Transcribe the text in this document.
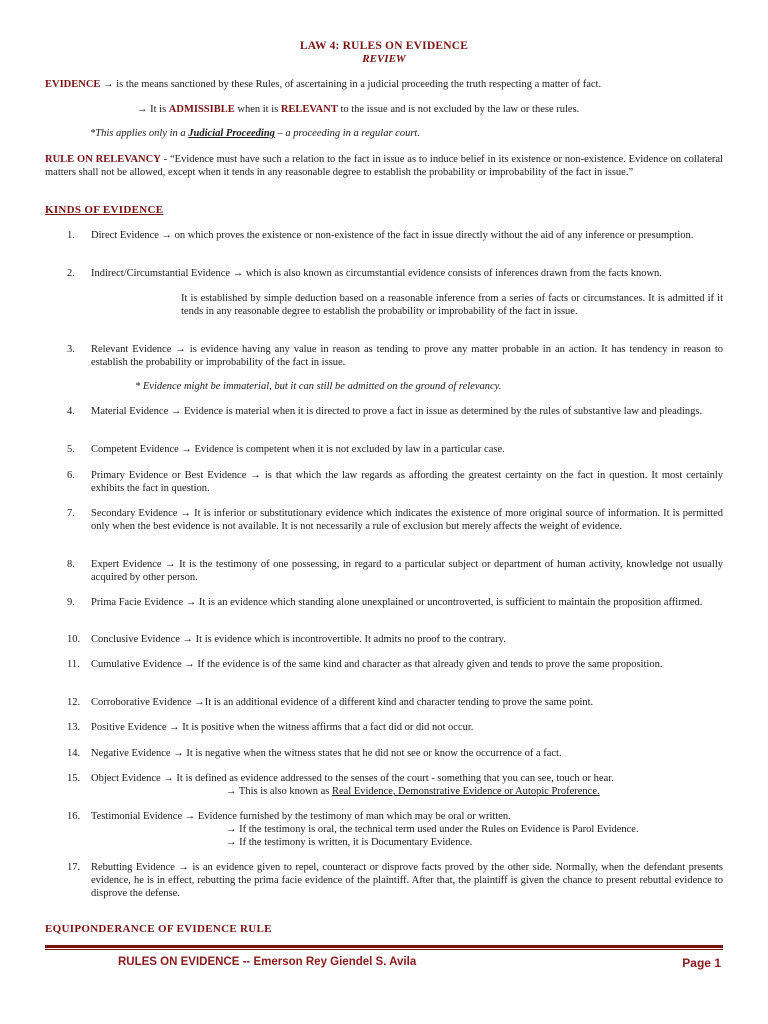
LAW 4: RULES ON EVIDENCE
REVIEW
EVIDENCE → is the means sanctioned by these Rules, of ascertaining in a judicial proceeding the truth respecting a matter of fact.
→ It is ADMISSIBLE when it is RELEVANT to the issue and is not excluded by the law or these rules.
*This applies only in a Judicial Proceeding – a proceeding in a regular court.
RULE ON RELEVANCY - “Evidence must have such a relation to the fact in issue as to induce belief in its existence or non-existence. Evidence on collateral matters shall not be allowed, except when it tends in any reasonable degree to establish the probability or improbability of the fact in issue.”
KINDS OF EVIDENCE
1.	Direct Evidence → on which proves the existence or non-existence of the fact in issue directly without the aid of any inference or presumption.
2.	Indirect/Circumstantial Evidence → which is also known as circumstantial evidence consists of inferences drawn from the facts known.
It is established by simple deduction based on a reasonable inference from a series of facts or circumstances. It is admitted if it tends in any reasonable degree to establish the probability or improbability of the fact in issue.
3.	Relevant Evidence → is evidence having any value in reason as tending to prove any matter probable in an action. It has tendency in reason to establish the probability or improbability of the fact in issue.
* Evidence might be immaterial, but it can still be admitted on the ground of relevancy.
4.	Material Evidence → Evidence is material when it is directed to prove a fact in issue as determined by the rules of substantive law and pleadings.
5.	Competent Evidence → Evidence is competent when it is not excluded by law in a particular case.
6.	Primary Evidence or Best Evidence → is that which the law regards as affording the greatest certainty on the fact in question. It most certainly exhibits the fact in question.
7.	Secondary Evidence → It is inferior or substitutionary evidence which indicates the existence of more original source of information. It is permitted only when the best evidence is not available. It is not necessarily a rule of exclusion but merely affects the weight of evidence.
8.	Expert Evidence → It is the testimony of one possessing, in regard to a particular subject or department of human activity, knowledge not usually acquired by other person.
9.	Prima Facie Evidence → It is an evidence which standing alone unexplained or uncontroverted, is sufficient to maintain the proposition affirmed.
10.	Conclusive Evidence → It is evidence which is incontrovertible. It admits no proof to the contrary.
11.	Cumulative Evidence → If the evidence is of the same kind and character as that already given and tends to prove the same proposition.
12.	Corroborative Evidence →It is an additional evidence of a different kind and character tending to prove the same point.
13.	Positive Evidence → It is positive when the witness affirms that a fact did or did not occur.
14.	Negative Evidence → It is negative when the witness states that he did not see or know the occurrence of a fact.
15.	Object Evidence → It is defined as evidence addressed to the senses of the court - something that you can see, touch or hear.
→ This is also known as Real Evidence, Demonstrative Evidence or Autopic Proference.
16.	Testimonial Evidence → Evidence furnished by the testimony of man which may be oral or written.
→ If the testimony is oral, the technical term used under the Rules on Evidence is Parol Evidence.
→ If the testimony is written, it is Documentary Evidence.
17.	Rebutting Evidence → is an evidence given to repel, counteract or disprove facts proved by the other side. Normally, when the defendant presents evidence, he is in effect, rebutting the prima facie evidence of the plaintiff. After that, the plaintiff is given the chance to present rebuttal evidence to disprove the defense.
EQUIPONDERANCE OF EVIDENCE RULE
RULES ON EVIDENCE -- Emerson Rey Giendel S. Avila	Page 1
